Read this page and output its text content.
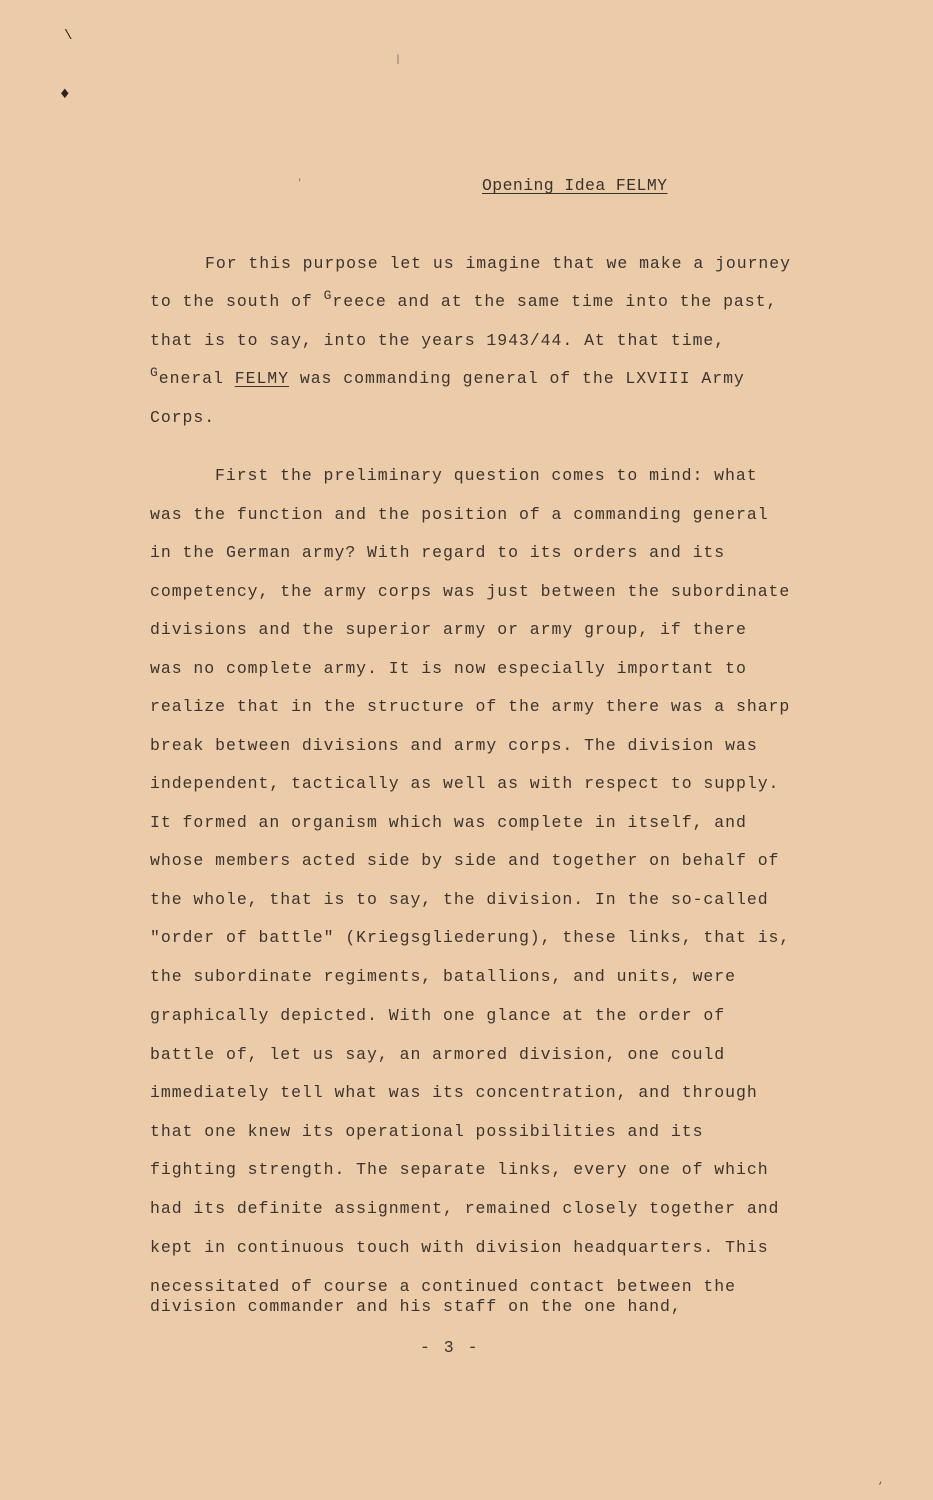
\
♦
|
'
,
Opening Idea FELMY
For this purpose let us imagine that we make a journey
to the south of $^G$reece and at the same time into the past,
that is to say, into the years 1943/44. At that time,
$^G$eneral FELMY was commanding general of the LXVIII Army
Corps.
First the preliminary question comes to mind: what
was the function and the position of a commanding general
in the German army? With regard to its orders and its
competency, the army corps was just between the subordinate
divisions and the superior army or army group, if there
was no complete army. It is now especially important to
realize that in the structure of the army there was a sharp
break between divisions and army corps. The division was
independent, tactically as well as with respect to supply.
It formed an organism which was complete in itself, and
whose members acted side by side and together on behalf of
the whole, that is to say, the division. In the so-called
"order of battle" (Kriegsgliederung), these links, that is,
the subordinate regiments, batallions, and units, were
graphically depicted. With one glance at the order of
battle of, let us say, an armored division, one could
immediately tell what was its concentration, and through
that one knew its operational possibilities and its
fighting strength. The separate links, every one of which
had its definite assignment, remained closely together and
kept in continuous touch with division headquarters. This
necessitated of course a continued contact between the
division commander and his staff on the one hand,
- 3 -
